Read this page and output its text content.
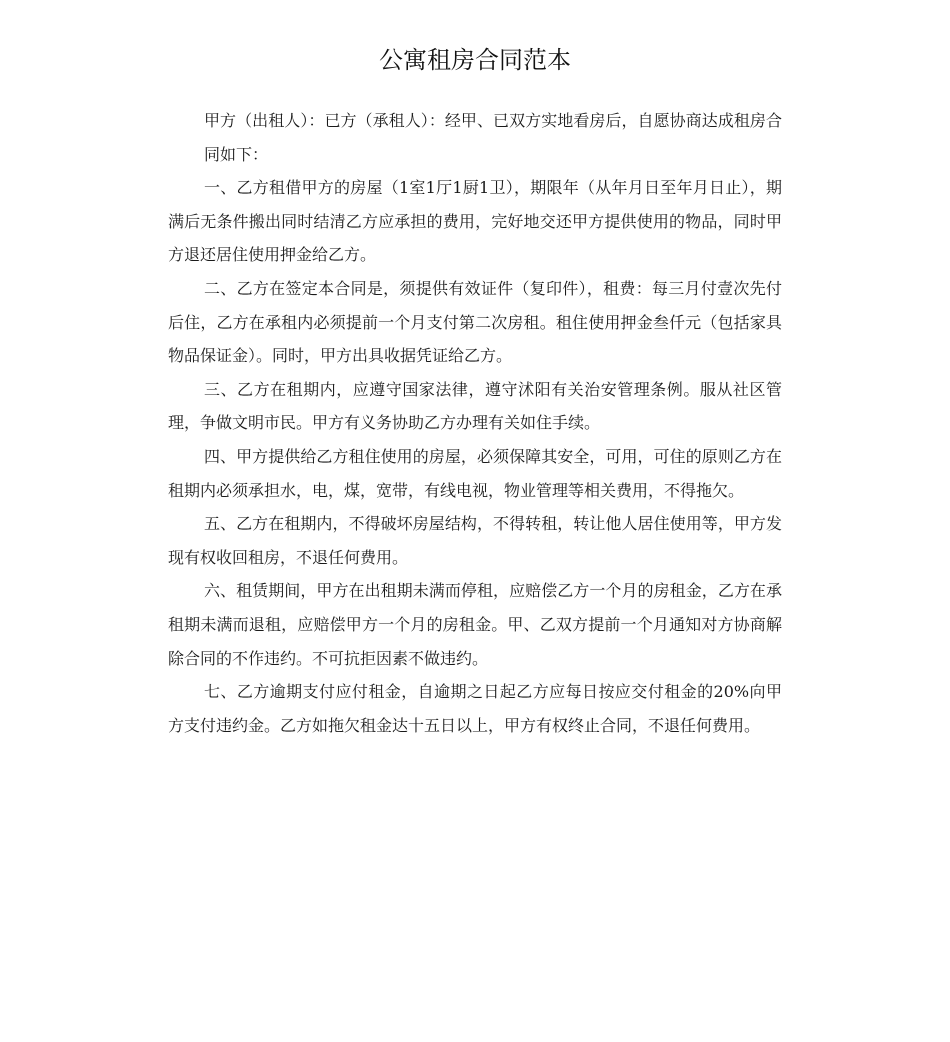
公寓租房合同范本

甲方（出租人）：已方（承租人）：经甲、已双方实地看房后，自愿协商达成租房合同如下：

一、乙方租借甲方的房屋（1室1厅1厨1卫），期限年（从年月日至年月日止），期满后无条件搬出同时结清乙方应承担的费用，完好地交还甲方提供使用的物品，同时甲方退还居住使用押金给乙方。

二、乙方在签定本合同是，须提供有效证件（复印件），租费：每三月付壹次先付后住，乙方在承租内必须提前一个月支付第二次房租。租住使用押金叁仟元（包括家具物品保证金）。同时，甲方出具收据凭证给乙方。

三、乙方在租期内，应遵守国家法律，遵守沭阳有关治安管理条例。服从社区管理，争做文明市民。甲方有义务协助乙方办理有关如住手续。

四、甲方提供给乙方租住使用的房屋，必须保障其安全，可用，可住的原则乙方在租期内必须承担水，电，煤，宽带，有线电视，物业管理等相关费用，不得拖欠。

五、乙方在租期内，不得破坏房屋结构，不得转租，转让他人居住使用等，甲方发现有权收回租房，不退任何费用。

六、租赁期间，甲方在出租期未满而停租，应赔偿乙方一个月的房租金，乙方在承租期未满而退租，应赔偿甲方一个月的房租金。甲、乙双方提前一个月通知对方协商解除合同的不作违约。不可抗拒因素不做违约。

七、乙方逾期支付应付租金，自逾期之日起乙方应每日按应交付租金的20%向甲方支付违约金。乙方如拖欠租金达十五日以上，甲方有权终止合同，不退任何费用。
